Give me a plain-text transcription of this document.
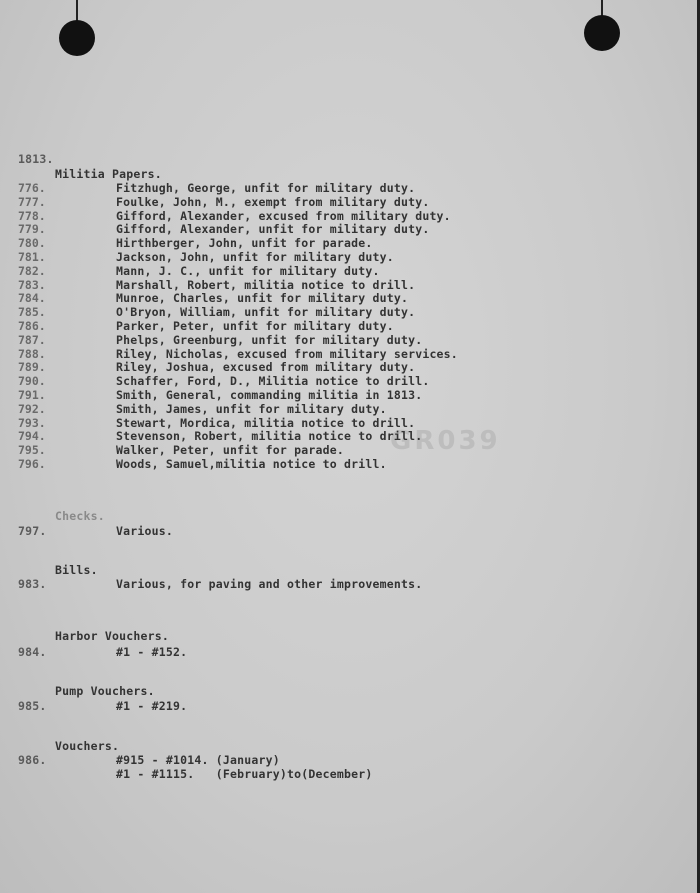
GR039
1813.
Militia Papers.
776.	Fitzhugh, George, unfit for military duty.
777.	Foulke, John, M., exempt from military duty.
778.	Gifford, Alexander, excused from military duty.
779.	Gifford, Alexander, unfit for military duty.
780.	Hirthberger, John, unfit for parade.
781.	Jackson, John, unfit for military duty.
782.	Mann, J. C., unfit for military duty.
783.	Marshall, Robert, militia notice to drill.
784.	Munroe, Charles, unfit for military duty.
785.	O'Bryon, William, unfit for military duty.
786.	Parker, Peter, unfit for military duty.
787.	Phelps, Greenburg, unfit for military duty.
788.	Riley, Nicholas, excused from military services.
789.	Riley, Joshua, excused from military duty.
790.	Schaffer, Ford, D., Militia notice to drill.
791.	Smith, General, commanding militia in 1813.
792.	Smith, James, unfit for military duty.
793.	Stewart, Mordica, militia notice to drill.
794.	Stevenson, Robert, militia notice to drill.
795.	Walker, Peter, unfit for parade.
796.	Woods, Samuel,militia notice to drill.
Checks.
797.	Various.
Bills.
983.	Various, for paving and other improvements.
Harbor Vouchers.
984.	#1 - #152.
Pump Vouchers.
985.	#1 - #219.
Vouchers.
986.	#915 - #1014. (January)
#1 - #1115.   (February)to(December)
